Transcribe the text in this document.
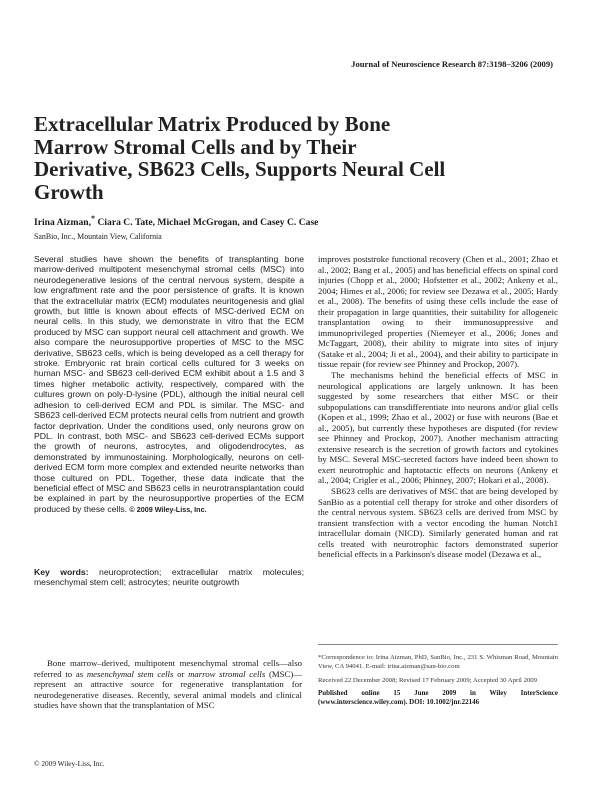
Journal of Neuroscience Research 87:3198–3206 (2009)
Extracellular Matrix Produced by Bone Marrow Stromal Cells and by Their Derivative, SB623 Cells, Supports Neural Cell Growth
Irina Aizman,* Ciara C. Tate, Michael McGrogan, and Casey C. Case
SanBio, Inc., Mountain View, California

Several studies have shown the benefits of transplanting bone marrow-derived multipotent mesenchymal stromal cells (MSC) into neurodegenerative lesions of the central nervous system, despite a low engraftment rate and the poor persistence of grafts. It is known that the extracellular matrix (ECM) modulates neuritogenesis and glial growth, but little is known about effects of MSC-derived ECM on neural cells. In this study, we demonstrate in vitro that the ECM produced by MSC can support neural cell attachment and growth. We also compare the neurosupportive properties of MSC to the MSC derivative, SB623 cells, which is being developed as a cell therapy for stroke. Embryonic rat brain cortical cells cultured for 3 weeks on human MSC- and SB623 cell-derived ECM exhibit about a 1.5 and 3 times higher metabolic activity, respectively, compared with the cultures grown on poly-D-lysine (PDL), although the initial neural cell adhesion to cell-derived ECM and PDL is similar. The MSC- and SB623 cell-derived ECM protects neural cells from nutrient and growth factor deprivation. Under the conditions used, only neurons grow on PDL. In contrast, both MSC- and SB623 cell-derived ECMs support the growth of neurons, astrocytes, and oligodendrocytes, as demonstrated by immunostaining. Morphologically, neurons on cell-derived ECM form more complex and extended neurite networks than those cultured on PDL. Together, these data indicate that the beneficial effect of MSC and SB623 cells in neurotransplantation could be explained in part by the neurosupportive properties of the ECM produced by these cells. © 2009 Wiley-Liss, Inc.

Key words: neuroprotection; extracellular matrix molecules; mesenchymal stem cell; astrocytes; neurite outgrowth

Bone marrow–derived, multipotent mesenchymal stromal cells—also referred to as mesenchymal stem cells or marrow stromal cells (MSC)—represent an attractive source for regenerative transplantation for neurodegenerative diseases. Recently, several animal models and clinical studies have shown that the transplantation of MSC

© 2009 Wiley-Liss, Inc.

improves poststroke functional recovery (Chen et al., 2001; Zhao et al., 2002; Bang et al., 2005) and has beneficial effects on spinal cord injuries (Chopp et al., 2000; Hofstetter et al., 2002; Ankeny et al., 2004; Himes et al., 2006; for review see Dezawa et al., 2005; Hardy et al., 2008). The benefits of using these cells include the ease of their propagation in large quantities, their suitability for allogeneic transplantation owing to their immunosuppressive and immunoprivileged properties (Niemeyer et al., 2006; Jones and McTaggart, 2008), their ability to migrate into sites of injury (Satake et al., 2004; Ji et al., 2004), and their ability to participate in tissue repair (for review see Phinney and Prockop, 2007).

The mechanisms behind the beneficial effects of MSC in neurological applications are largely unknown. It has been suggested by some researchers that either MSC or their subpopulations can transdifferentiate into neurons and/or glial cells (Kopen et al., 1999; Zhao et al., 2002) or fuse with neurons (Bae et al., 2005), but currently these hypotheses are disputed (for review see Phinney and Prockop, 2007). Another mechanism attracting extensive research is the secretion of growth factors and cytokines by MSC. Several MSC-secreted factors have indeed been shown to exert neurotrophic and haptotactic effects on neurons (Ankeny et al., 2004; Crigler et al., 2006; Phinney, 2007; Hokari et al., 2008).

SB623 cells are derivatives of MSC that are being developed by SanBio as a potential cell therapy for stroke and other disorders of the central nervous system. SB623 cells are derived from MSC by transient transfection with a vector encoding the human Notch1 intracellular domain (NICD). Similarly generated human and rat cells treated with neurotrophic factors demonstrated superior beneficial effects in a Parkinson's disease model (Dezawa et al.,

*Correspondence to: Irina Aizman, PhD, SanBio, Inc., 231 S. Whisman Road, Mountain View, CA 94041. E-mail: irina.aizman@san-bio.com

Received 22 December 2008; Revised 17 February 2009; Accepted 30 April 2009

Published online 15 June 2009 in Wiley InterScience (www.interscience.wiley.com). DOI: 10.1002/jnr.22146
